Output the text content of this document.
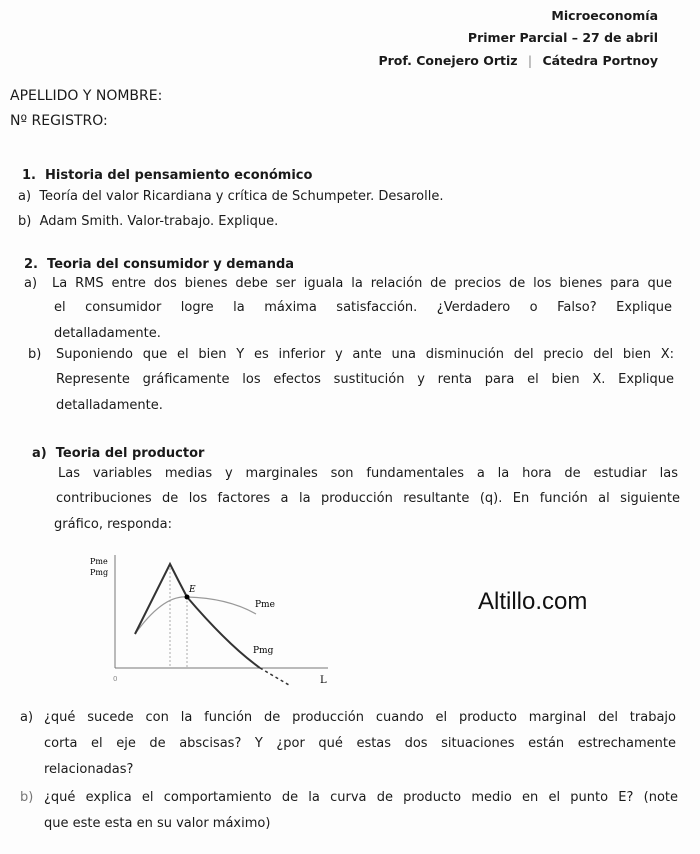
Microeconomía
Primer Parcial – 27 de abril
Prof. Conejero Ortiz | Cátedra Portnoy
APELLIDO Y NOMBRE:
Nº REGISTRO:
1. Historia del pensamiento económico
a) Teoría del valor Ricardiana y crítica de Schumpeter. Desarolle.
b) Adam Smith. Valor-trabajo. Explique.
2. Teoria del consumidor y demanda
a) La RMS entre dos bienes debe ser iguala la relación de precios de los bienes para que
el consumidor logre la máxima satisfacción. ¿Verdadero o Falso? Explique
detalladamente.
b) Suponiendo que el bien Y es inferior y ante una disminución del precio del bien X:
Represente gráficamente los efectos sustitución y renta para el bien X. Explique
detalladamente.
a) Teoria del productor
Las variables medias y marginales son fundamentales a la hora de estudiar las
contribuciones de los factores a la producción resultante (q). En función al siguiente
gráfico, responda:
E
Pme
Pmg
Pme
Pmg
0	L
Altillo.com
a) ¿qué sucede con la función de producción cuando el producto marginal del trabajo
corta el eje de abscisas? Y ¿por qué estas dos situaciones están estrechamente
relacionadas?
b) ¿qué explica el comportamiento de la curva de producto medio en el punto E? (note
que este esta en su valor máximo)
